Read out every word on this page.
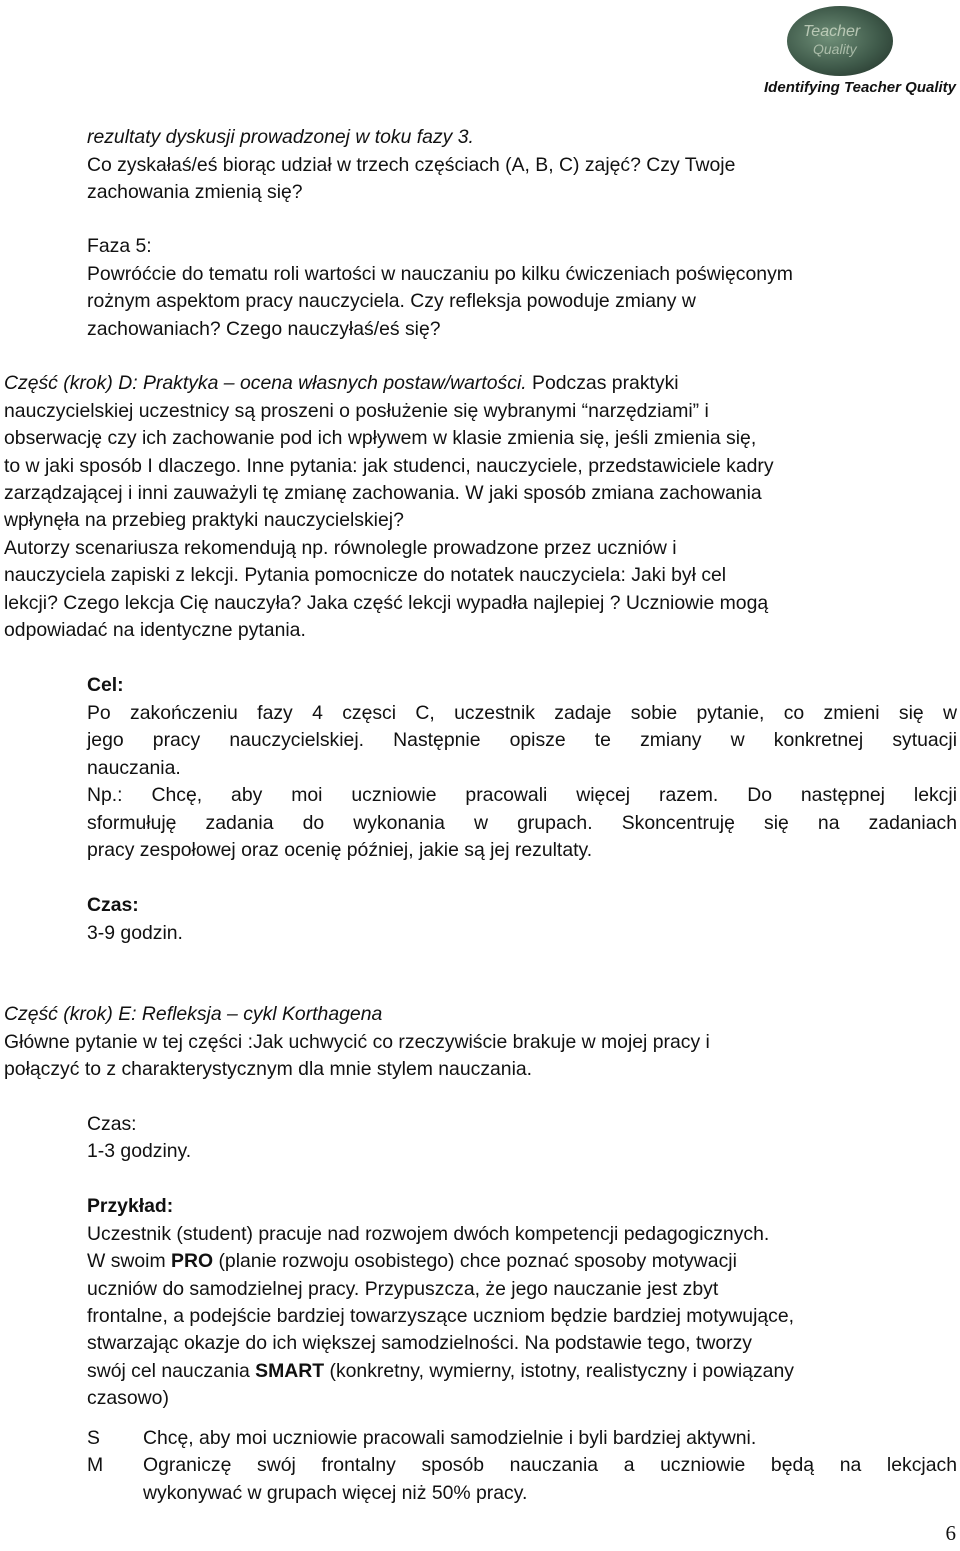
Teacher
Quality
Identifying Teacher Quality
rezultaty dyskusji prowadzonej w toku fazy 3.
Co zyskałaś/eś biorąc udział w trzech częściach (A, B, C) zajęć? Czy Twoje
zachowania zmienią się?
Faza 5:
Powróćcie do tematu roli wartości w nauczaniu po kilku ćwiczeniach poświęconym
rożnym aspektom pracy nauczyciela. Czy refleksja powoduje zmiany w
zachowaniach? Czego nauczyłaś/eś się?
Część (krok) D: Praktyka – ocena własnych postaw/wartości. Podczas praktyki
nauczycielskiej uczestnicy są proszeni o posłużenie się wybranymi “narzędziami” i
obserwację czy ich zachowanie pod ich wpływem w klasie zmienia się, jeśli zmienia się,
to w jaki sposób I dlaczego. Inne pytania: jak studenci, nauczyciele, przedstawiciele kadry
zarządzającej i inni zauważyli tę zmianę zachowania. W jaki sposób zmiana zachowania
wpłynęła na przebieg praktyki nauczycielskiej?
Autorzy scenariusza rekomendują np. równolegle prowadzone przez uczniów i
nauczyciela zapiski z lekcji. Pytania pomocnicze do notatek nauczyciela: Jaki był cel
lekcji? Czego lekcja Cię nauczyła? Jaka część lekcji wypadła najlepiej ? Uczniowie mogą
odpowiadać na identyczne pytania.
Cel:
Po zakończeniu fazy 4 częsci C, uczestnik zadaje sobie pytanie, co zmieni się w
jego pracy nauczycielskiej. Następnie opisze te zmiany w konkretnej sytuacji
nauczania.
Np.: Chcę, aby moi uczniowie pracowali więcej razem. Do następnej lekcji
sformułuję zadania do wykonania w grupach. Skoncentruję się na zadaniach
pracy zespołowej oraz ocenię później, jakie są jej rezultaty.
Czas:
3-9 godzin.
Część (krok) E: Refleksja – cykl Korthagena
Główne pytanie w tej części :Jak uchwycić co rzeczywiście brakuje w mojej pracy i
połączyć to z charakterystycznym dla mnie stylem nauczania.
Czas:
1-3 godziny.
Przykład:
Uczestnik (student) pracuje nad rozwojem dwóch kompetencji pedagogicznych.
W swoim PRO (planie rozwoju osobistego) chce poznać sposoby motywacji
uczniów do samodzielnej pracy. Przypuszcza, że jego nauczanie jest zbyt
frontalne, a podejście bardziej towarzyszące uczniom będzie bardziej motywujące,
stwarzając okazje do ich większej samodzielności. Na podstawie tego, tworzy
swój cel nauczania SMART (konkretny, wymierny, istotny, realistyczny i powiązany
czasowo)
S Chcę, aby moi uczniowie pracowali samodzielnie i byli bardziej aktywni.
M Ograniczę swój frontalny sposób nauczania a uczniowie będą na lekcjach
wykonywać w grupach więcej niż 50% pracy.
6
